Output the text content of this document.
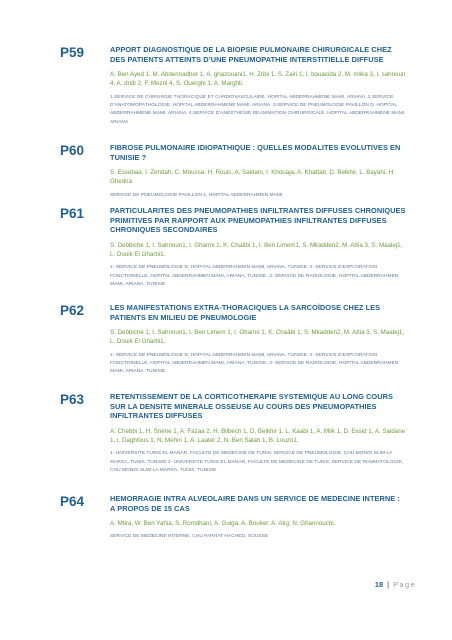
P59	APPORT DIAGNOSTIQUE DE LA BIOPSIE PULMONAIRE CHIRURGICALE CHEZ DES PATIENTS ATTEINTS D’UNE PNEUMOPATHIE INTERSTITIELLE DIFFUSE
A. Ben Ayed 1, M. Abdennadher 1, A. ghazouani1, H. Zribi 1, S. Zairi 1, I. bouacida 2, M. mlika 3, I. sahnoun 4, A. dridi 2, F. Mezni 4, S. Ouerghi 1, A. Marghli.
1.SERVICE DE CHIRURGIE THORACIQUE ET CARDIOVASCULAIRE. HOPITAL ABDERRAHMENE MAMI. ARIANA. 2.SERVICE D’ANATOMOPATHOLOGIE. HOPITAL ABDERRAHMENE MAMI. ARIANA. 3.SERVICE DE PNEUMOLOGIE PAVILLON D. HOPITAL ABDERRAHMENE MAMI. ARIANA. 4.SERVICE D’ANESTHESIE REANIMATION CHIRURGICALE. HOPITAL ABDERRAHMENE MAMI. ARIANA
P60	FIBROSE PULMONAIRE IDIOPATHIQUE : QUELLES MODALITES EVOLUTIVES EN TUNISIE ?
S. Essebaa, I. Zendah, C. Moussa, H. Rouis, A. Saidani, I. Khouaja, A. Khattab, D. Belkhir, L. Bayahi, H. Ghedira
SERVICE DE PNEUMOLOGIE PAVILLON 1, HOPITAL ABDERRAHMEN MAMI
P61	PARTICULARITES DES PNEUMOPATHIES INFILTRANTES DIFFUSES CHRONIQUES PRIMITIVES PAR RAPPORT AUX PNEUMOPATHIES INFILTRANTES DIFFUSES CHRONIQUES SECONDAIRES
S. Debbiche 1, I. Sahnoun1, I. Gharmi 1, K. Chaâbi 1, I. Ben Limem1, S. Mkadden2, M. Attia 3, S. Maalej1, L. Douik El Gharbi1.
1- SERVICE DE PNEUMOLOGIE D, HOPITAL ABDERRAHMEN MAMI, ARIANA, TUNISIE. 2- SERVICE D’EXPLORATION FONCTIONELLE, HOPITAL ABDERRAHMEN MAMI, ARIANA, TUNISIE. 3- SERVICE DE RADIOLOGIE, HOPITAL ABDERRAHMEN MAMI, ARIANA, TUNISIE.
P62	LES MANIFESTATIONS EXTRA-THORACIQUES LA SARCOÏDOSE CHEZ LES PATIENTS EN MILIEU DE PNEUMOLOGIE
S. Debbiche 1, I. Sahnoun1, I. Ben Limem 1, I. Gharmi 1, K. Chaâbi 1, S. Mkadden2, M. Attia 3, S. Maalej1, L. Douik El Gharbi1.
1- SERVICE DE PNEUMOLOGIE D, HOPITAL ABDERRAHMEN MAMI, ARIANA, TUNISIE. 2- SERVICE D’EXPLORATION FONCTIONELLE, HOPITAL ABDERRAHMEN MAMI, ARIANA, TUNISIE. 3- SERVICE DE RADIOLOGIE, HOPITAL ABDERRAHMEN MAMI, ARIANA, TUNISIE.
P63	RETENTISSEMENT DE LA CORTICOTHERAPIE SYSTEMIQUE AU LONG COURS SUR LA DENSITE MINERALE OSSEUSE AU COURS DES PNEUMOPATHIES INFILTRANTES DIFFUSES
A. Chebbi 1, H. Snène 1, A. Fazaa 2, H. Blibech 1, D. Belkhir 1, L. Kaabi 1, A. Mlik 1, D. Essid 1, A. Saidane 1, I. Daghfous 1, N. Mehiri 1, A. Laater 2, N. Ben Salah 1, B. Louzri1.
1- UNIVERSITE TUNIS EL MANAR, FACULTE DE MEDECINE DE TUNIS, SERVICE DE PNEUMOLOGIE, CHU MONGI SLIM LA MARSA, TUNIS, TUNISIE 2- UNIVERSITE TUNIS EL MANAR, FACULTE DE MEDECINE DE TUNIS, SERVICE DE RHUMATOLOGIE, CHU MONGI SLIM LA MARSA, TUNIS, TUNISIE
P64	HEMORRAGIE INTRA ALVEOLAIRE DANS UN SERVICE DE MEDECINE INTERNE : A PROPOS DE 15 CAS
A. Mtira, W. Ben Yahia, S. Romdhani, A. Guiga, A. Bouker, A. Atig, N. Ghannouchi.
SERVICE DE MEDECINE INTERNE, CHU FARHAT HACHED, SOUSSE
18 | Page
